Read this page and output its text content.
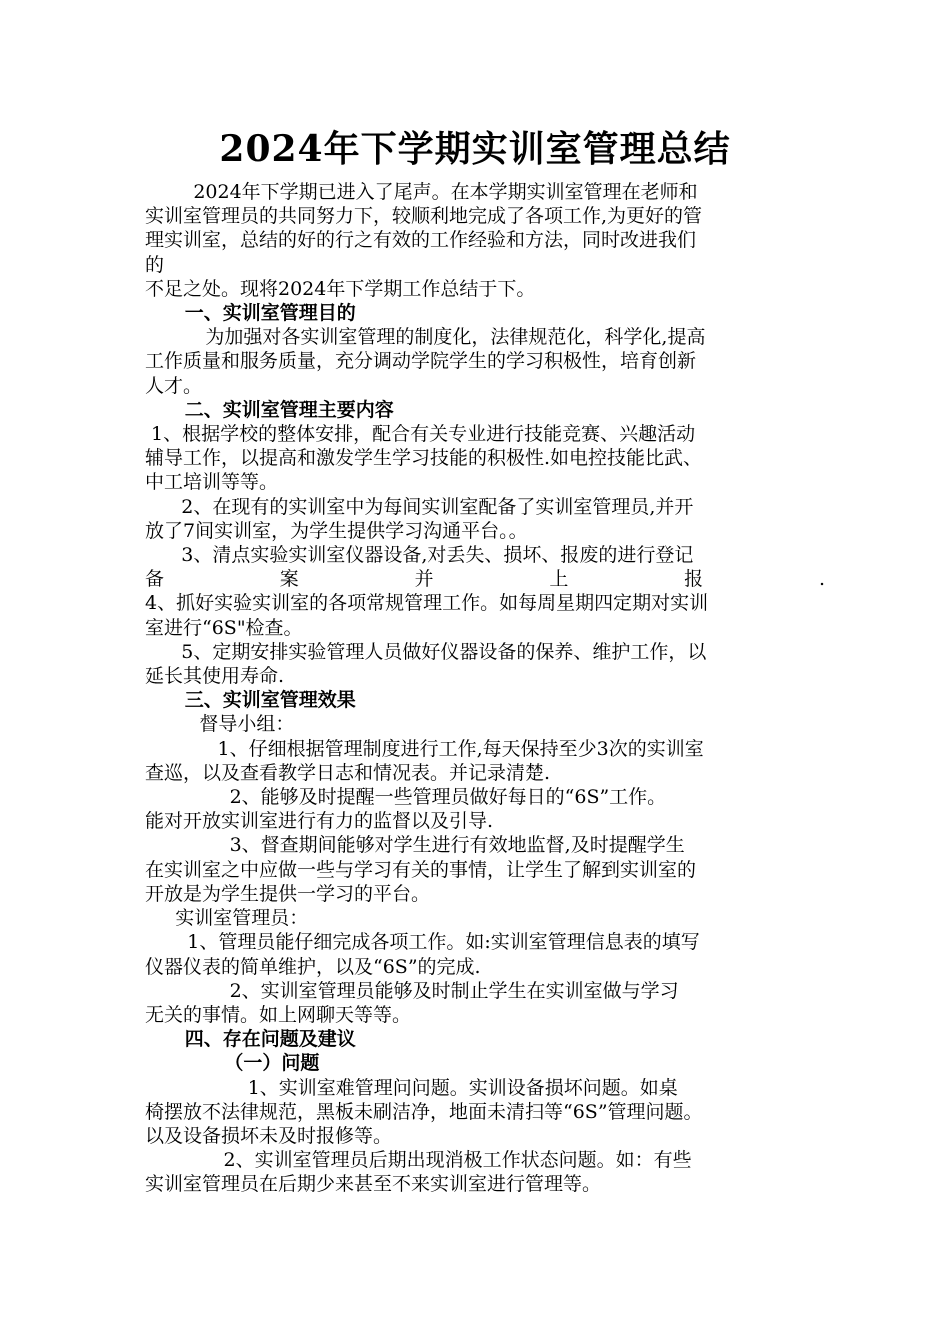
2024年下学期实训室管理总结
2024年下学期已进入了尾声。在本学期实训室管理在老师和
实训室管理员的共同努力下，较顺利地完成了各项工作,为更好的管
理实训室，总结的好的行之有效的工作经验和方法，同时改进我们
的
不足之处。现将2024年下学期工作总结于下。
一、实训室管理目的
为加强对各实训室管理的制度化，法律规范化，科学化,提高
工作质量和服务质量，充分调动学院学生的学习积极性，培育创新
人才。
二、实训室管理主要内容
1、根据学校的整体安排，配合有关专业进行技能竞赛、兴趣活动
辅导工作，以提高和激发学生学习技能的积极性.如电控技能比武、
中工培训等等。
2、在现有的实训室中为每间实训室配备了实训室管理员,并开
放了7间实训室，为学生提供学习沟通平台。。
3、清点实验实训室仪器设备,对丢失、损坏、报废的进行登记
备 案 并 上 报 .
4、抓好实验实训室的各项常规管理工作。如每周星期四定期对实训
室进行“6S"检查。
5、定期安排实验管理人员做好仪器设备的保养、维护工作，以
延长其使用寿命.
三、实训室管理效果
督导小组：
1、仔细根据管理制度进行工作,每天保持至少3次的实训室
查巡，以及查看教学日志和情况表。并记录清楚.
2、能够及时提醒一些管理员做好每日的“6S”工作。
能对开放实训室进行有力的监督以及引导.
3、督查期间能够对学生进行有效地监督,及时提醒学生
在实训室之中应做一些与学习有关的事情，让学生了解到实训室的
开放是为学生提供一学习的平台。
实训室管理员：
1、管理员能仔细完成各项工作。如:实训室管理信息表的填写
仪器仪表的简单维护，以及“6S”的完成.
2、实训室管理员能够及时制止学生在实训室做与学习
无关的事情。如上网聊天等等。
四、存在问题及建议
（一）问题
1、实训室难管理问问题。实训设备损坏问题。如桌
椅摆放不法律规范，黑板未刷洁净，地面未清扫等“6S”管理问题。
以及设备损坏未及时报修等。
2、实训室管理员后期出现消极工作状态问题。如：有些
实训室管理员在后期少来甚至不来实训室进行管理等。
